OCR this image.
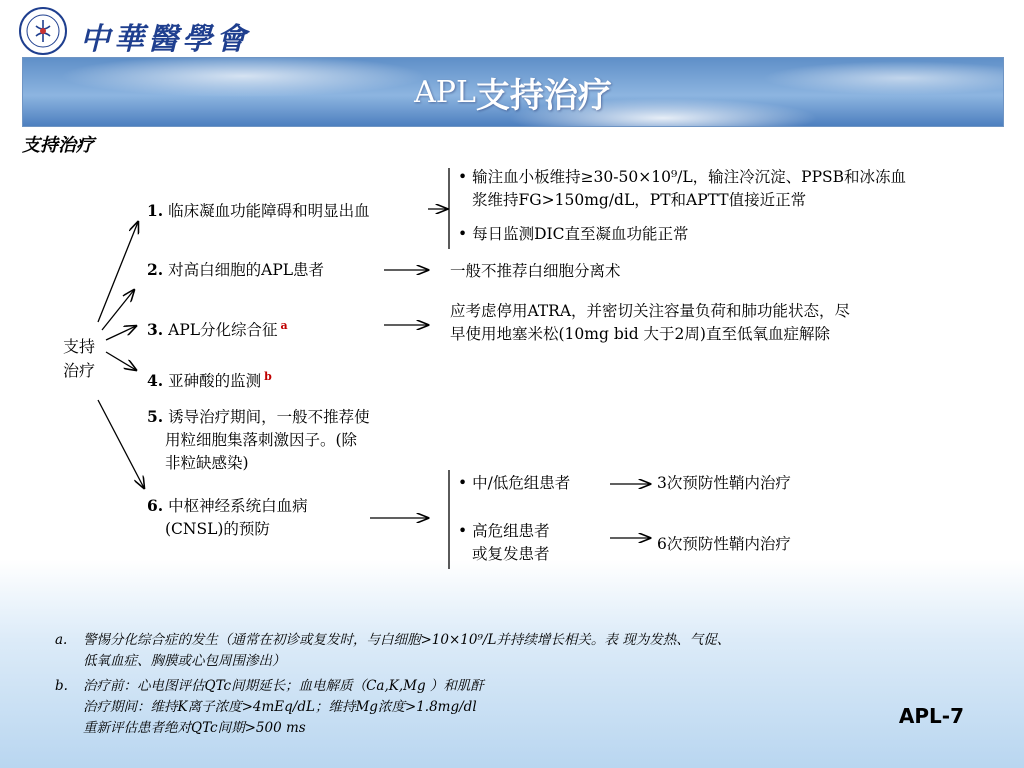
中華醫學會
APL 支持治疗
支持治疗
支持
治疗
1. 临床凝血功能障碍和明显出血
2. 对高白细胞的APL患者
3. APL分化综合征 $^a$
4. 亚砷酸的监测 $^b$
5. 诱导治疗期间，一般不推荐使
用粒细胞集落刺激因子。(除
非粒缺感染)
6. 中枢神经系统白血病
(CNSL)的预防
• 输注血小板维持≥30-50×10⁹/L，输注冷沉淀、PPSB和冰冻血
浆维持FG>150mg/dL，PT和APTT值接近正常
• 每日监测DIC直至凝血功能正常
一般不推荐白细胞分离术
应考虑停用ATRA，并密切关注容量负荷和肺功能状态，尽
早使用地塞米松(10mg bid 大于2周)直至低氧血症解除
• 中/低危组患者	3次预防性鞘内治疗
• 高危组患者
或复发患者
6次预防性鞘内治疗
a.	警惕分化综合症的发生（通常在初诊或复发时，与白细胞>10×10⁹/L并持续增长相关。表 现为发热、气促、
低氧血症、胸膜或心包周围渗出）
b.	治疗前：心电图评估QTc间期延长；血电解质（Ca,K,Mg ）和肌酐
治疗期间：维持K离子浓度>4mEq/dL；维持Mg浓度>1.8mg/dl
重新评估患者绝对QTc间期>500 ms	APL-7
